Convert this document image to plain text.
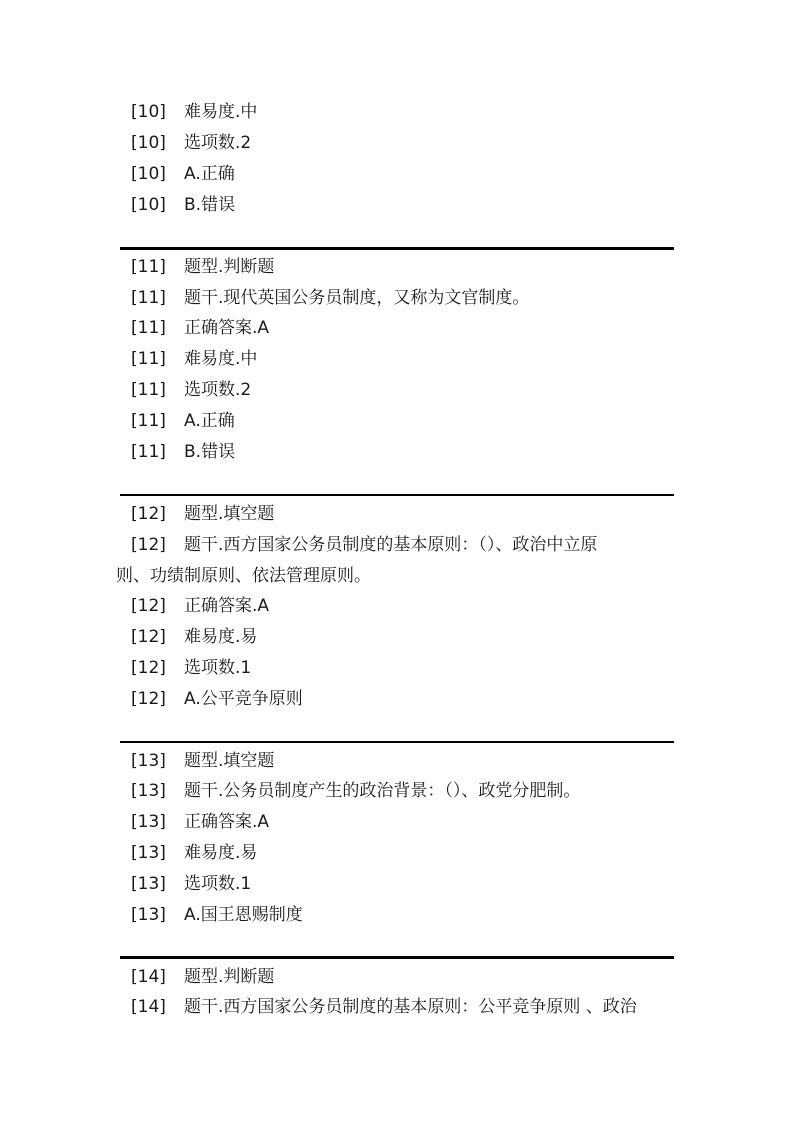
[10] 难易度.中
[10] 选项数.2
[10] A.正确
[10] B.错误
[11] 题型.判断题
[11] 题干.现代英国公务员制度，又称为文官制度。
[11] 正确答案.A
[11] 难易度.中
[11] 选项数.2
[11] A.正确
[11] B.错误
[12] 题型.填空题
[12] 题干.西方国家公务员制度的基本原则：（）、政治中立原
则、功绩制原则、依法管理原则。
[12] 正确答案.A
[12] 难易度.易
[12] 选项数.1
[12] A.公平竞争原则
[13] 题型.填空题
[13] 题干.公务员制度产生的政治背景：（）、政党分肥制。
[13] 正确答案.A
[13] 难易度.易
[13] 选项数.1
[13] A.国王恩赐制度
[14] 题型.判断题
[14] 题干.西方国家公务员制度的基本原则：公平竞争原则 、政治
